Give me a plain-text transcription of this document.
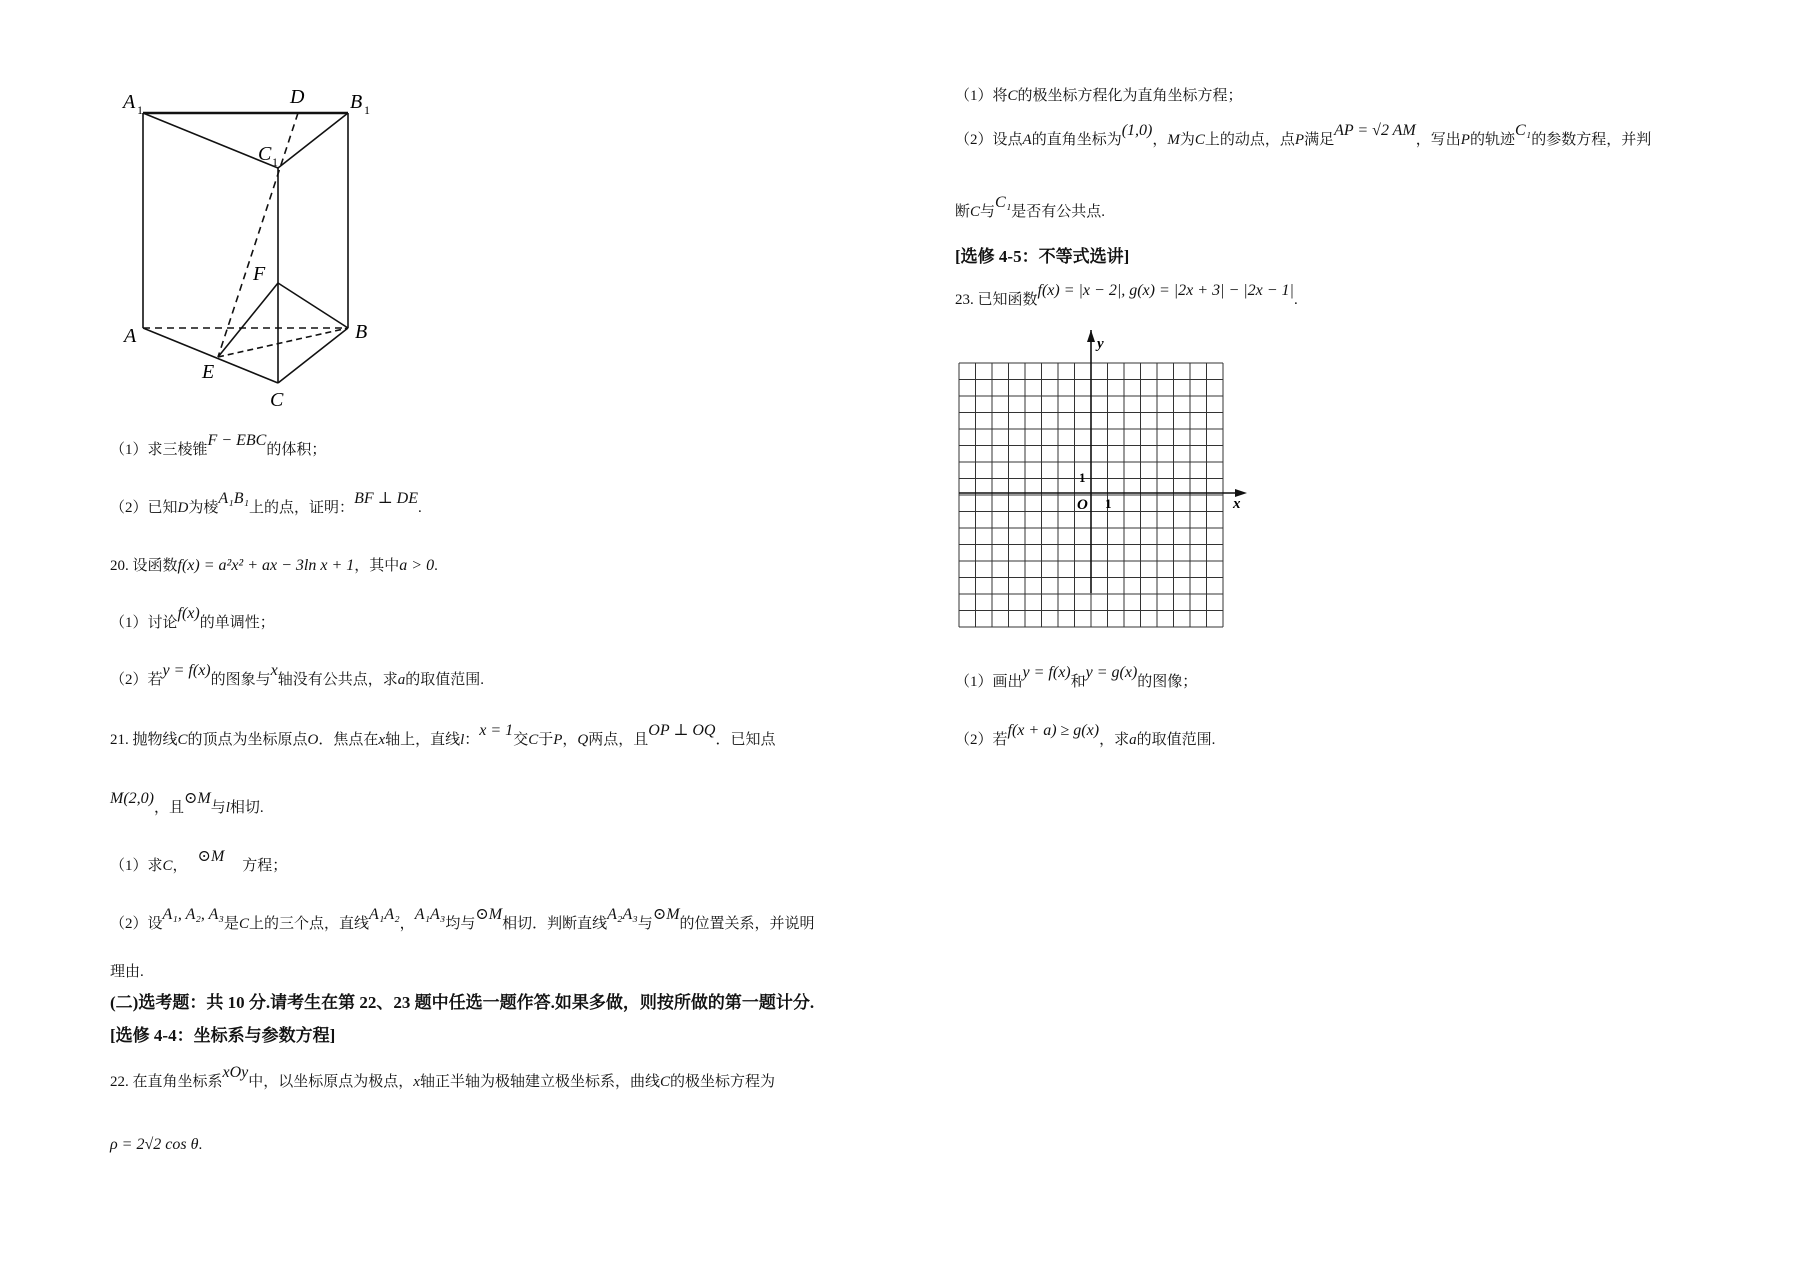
A 1
D B 1
C 1
F
A	B
E
C
（1）求三棱锥F − EBC的体积；
（2）已知D为棱A₁B₁上的点，证明：BF ⊥ DE.
20. 设函数f(x) = a²x² + ax − 3ln x + 1，其中a > 0.
（1）讨论f(x)的单调性；
（2）若y = f(x)的图象与x轴没有公共点，求a的取值范围.
21. 抛物线C的顶点为坐标原点O．焦点在x轴上，直线l：x = 1交C于P，Q两点，且OP ⊥ OQ．已知点
M(2,0)，且⊙M与l相切.
（1）求C，⊙M方程；
（2）设A₁, A₂, A₃是C上的三个点，直线A₁A₂，A₁A₃均与⊙M相切．判断直线A₂A₃与⊙M的位置关系，并说明
理由.
(二)选考题：共 10 分.请考生在第 22、23 题中任选一题作答.如果多做，则按所做的第一题计分.
[选修 4-4：坐标系与参数方程]
22. 在直角坐标系xOy中，以坐标原点为极点，x轴正半轴为极轴建立极坐标系，曲线C的极坐标方程为
ρ = 2√2 cos θ.
（1）将C的极坐标方程化为直角坐标方程；
（2）设点A的直角坐标为(1,0)，M为C上的动点，点P满足AP = √2 AM，写出P的轨迹C₁的参数方程，并判
断C与C₁是否有公共点.
[选修 4-5：不等式选讲]
23. 已知函数f(x) = |x − 2|, g(x) = |2x + 3| − |2x − 1|.
y
x
O 1
1
（1）画出y = f(x)和y = g(x)的图像；
（2）若f(x + a) ≥ g(x)，求a的取值范围.
